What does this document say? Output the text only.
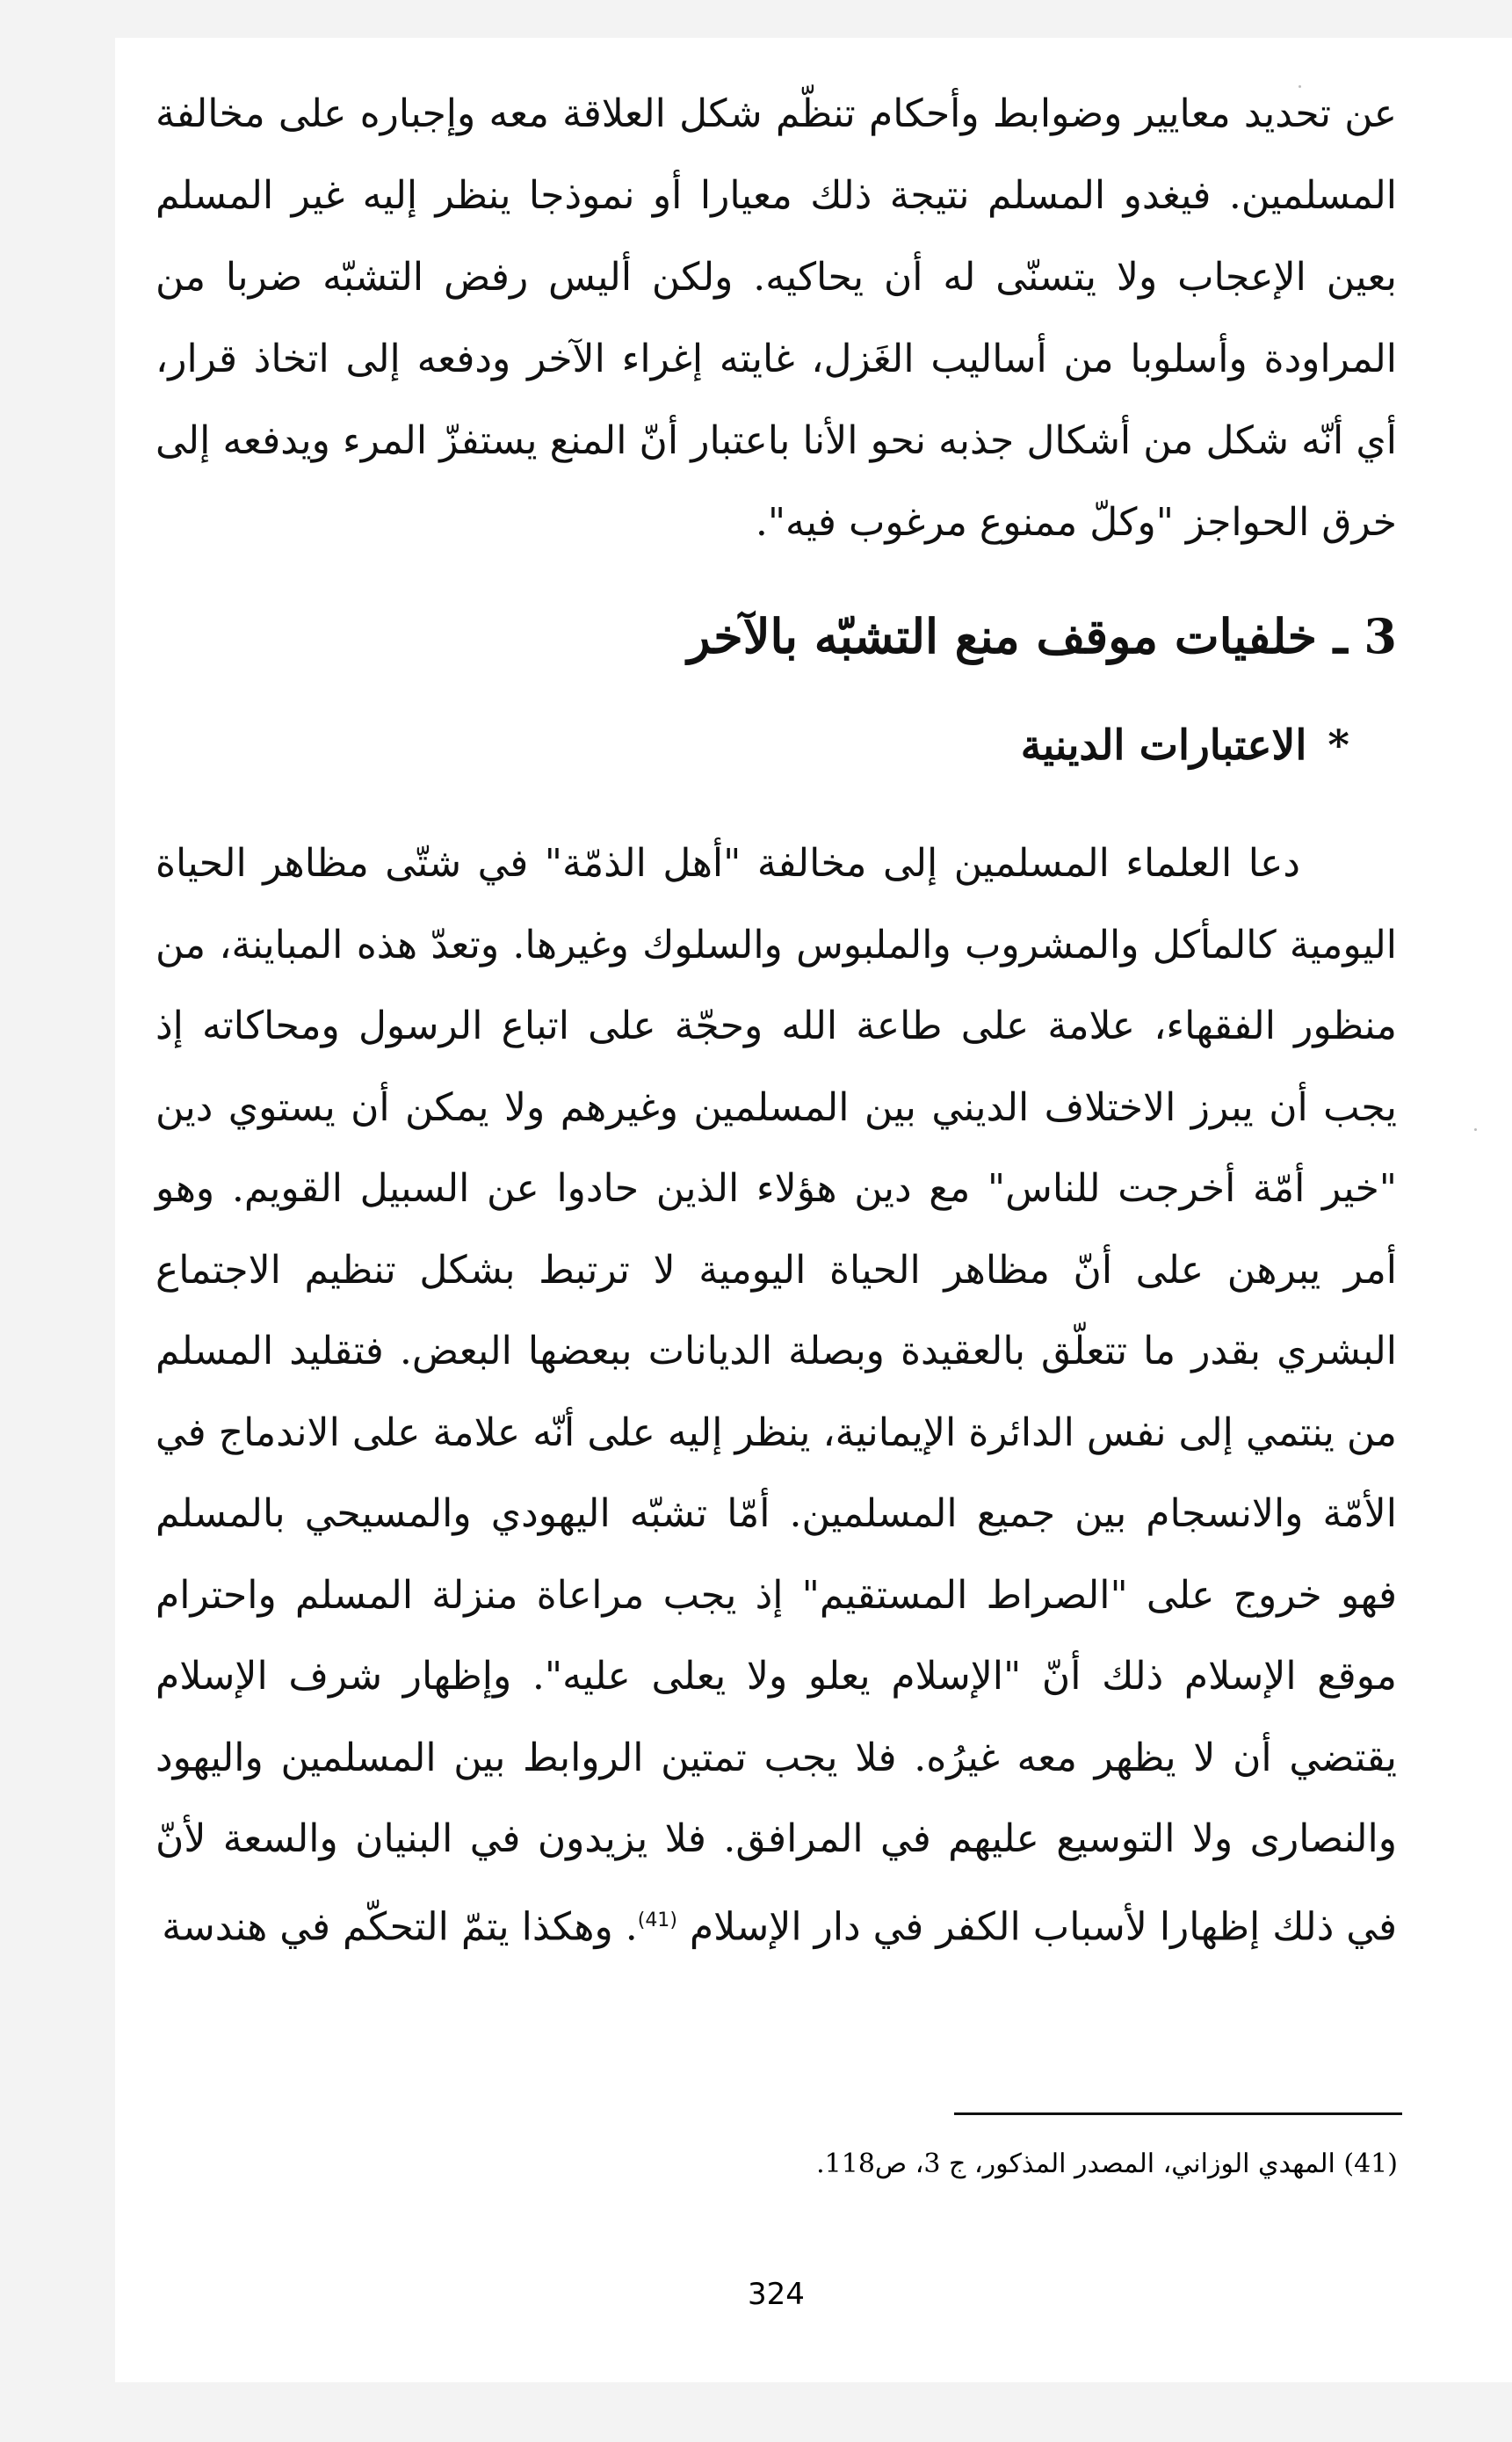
عن تحديد معايير وضوابط وأحكام تنظّم شكل العلاقة معه وإجباره على مخالفة المسلمين. فيغدو المسلم نتيجة ذلك معيارا أو نموذجا ينظر إليه غير المسلم بعين الإعجاب ولا يتسنّى له أن يحاكيه. ولكن أليس رفض التشبّه ضربا من المراودة وأسلوبا من أساليب الغَزل، غايته إغراء الآخر ودفعه إلى اتخاذ قرار، أي أنّه شكل من أشكال جذبه نحو الأنا باعتبار أنّ المنع يستفزّ المرء ويدفعه إلى خرق الحواجز "وكلّ ممنوع مرغوب فيه".

3 ـ خلفيات موقف منع التشبّه بالآخر
*الاعتبارات الدينية

دعا العلماء المسلمين إلى مخالفة "أهل الذمّة" في شتّى مظاهر الحياة اليومية كالمأكل والمشروب والملبوس والسلوك وغيرها. وتعدّ هذه المباينة، من منظور الفقهاء، علامة على طاعة الله وحجّة على اتباع الرسول ومحاكاته إذ يجب أن يبرز الاختلاف الديني بين المسلمين وغيرهم ولا يمكن أن يستوي دين "خير أمّة أخرجت للناس" مع دين هؤلاء الذين حادوا عن السبيل القويم. وهو أمر يبرهن على أنّ مظاهر الحياة اليومية لا ترتبط بشكل تنظيم الاجتماع البشري بقدر ما تتعلّق بالعقيدة وبصلة الديانات ببعضها البعض. فتقليد المسلم من ينتمي إلى نفس الدائرة الإيمانية، ينظر إليه على أنّه علامة على الاندماج في الأمّة والانسجام بين جميع المسلمين. أمّا تشبّه اليهودي والمسيحي بالمسلم فهو خروج على "الصراط المستقيم" إذ يجب مراعاة منزلة المسلم واحترام موقع الإسلام ذلك أنّ "الإسلام يعلو ولا يعلى عليه". وإظهار شرف الإسلام يقتضي أن لا يظهر معه غيرُه. فلا يجب تمتين الروابط بين المسلمين واليهود والنصارى ولا التوسيع عليهم في المرافق. فلا يزيدون في البنيان والسعة لأنّ في ذلك إظهارا لأسباب الكفر في دار الإسلام $^{(41)}$. وهكذا يتمّ التحكّم في هندسة

(41) المهدي الوزاني، المصدر المذكور، ج 3، ص118.

324
